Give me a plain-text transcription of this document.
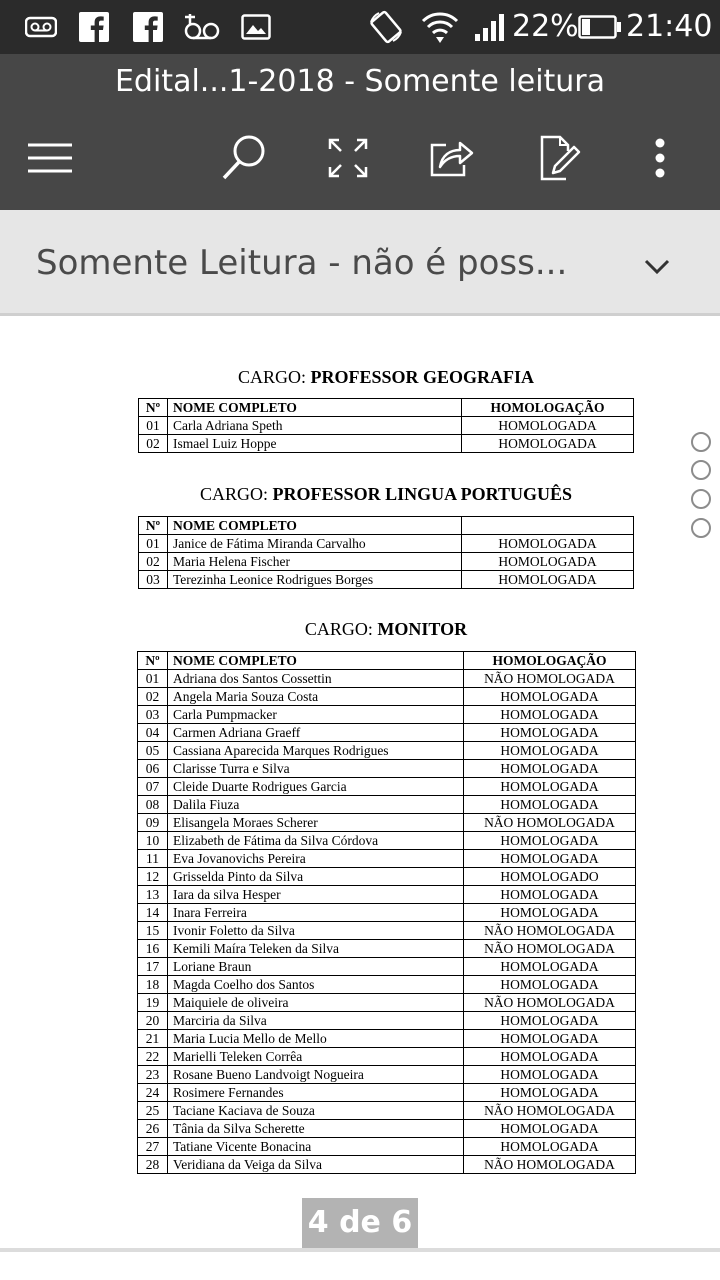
22% 21:40
Edital...1-2018 - Somente leitura
Somente Leitura - não é poss...
CARGO: PROFESSOR GEOGRAFIA
Nº	NOME COMPLETO	HOMOLOGAÇÃO
01	Carla Adriana Speth	HOMOLOGADA
02	Ismael Luiz Hoppe	HOMOLOGADA
CARGO: PROFESSOR LINGUA PORTUGUÊS
Nº	NOME COMPLETO	
01	Janice de Fátima Miranda Carvalho	HOMOLOGADA
02	Maria Helena Fischer	HOMOLOGADA
03	Terezinha Leonice Rodrigues Borges	HOMOLOGADA
CARGO: MONITOR
Nº	NOME COMPLETO	HOMOLOGAÇÃO
01	Adriana dos Santos Cossettin	NÃO HOMOLOGADA
02	Angela Maria Souza Costa	HOMOLOGADA
03	Carla Pumpmacker	HOMOLOGADA
04	Carmen Adriana Graeff	HOMOLOGADA
05	Cassiana Aparecida Marques Rodrigues	HOMOLOGADA
06	Clarisse Turra e Silva	HOMOLOGADA
07	Cleide Duarte Rodrigues Garcia	HOMOLOGADA
08	Dalila Fiuza	HOMOLOGADA
09	Elisangela Moraes Scherer	NÃO HOMOLOGADA
10	Elizabeth de Fátima da Silva Córdova	HOMOLOGADA
11	Eva Jovanovichs Pereira	HOMOLOGADA
12	Grisselda Pinto da Silva	HOMOLOGADO
13	Iara da silva Hesper	HOMOLOGADA
14	Inara Ferreira	HOMOLOGADA
15	Ivonir Foletto da Silva	NÃO HOMOLOGADA
16	Kemili Maíra Teleken da Silva	NÃO HOMOLOGADA
17	Loriane Braun	HOMOLOGADA
18	Magda Coelho dos Santos	HOMOLOGADA
19	Maiquiele de oliveira	NÃO HOMOLOGADA
20	Marciria da Silva	HOMOLOGADA
21	Maria Lucia Mello de Mello	HOMOLOGADA
22	Marielli Teleken Corrêa	HOMOLOGADA
23	Rosane Bueno Landvoigt Nogueira	HOMOLOGADA
24	Rosimere Fernandes	HOMOLOGADA
25	Taciane Kaciava de Souza	NÃO HOMOLOGADA
26	Tânia da Silva Scherette	HOMOLOGADA
27	Tatiane Vicente Bonacina	HOMOLOGADA
28	Veridiana da Veiga da Silva	NÃO HOMOLOGADA
4 de 6
